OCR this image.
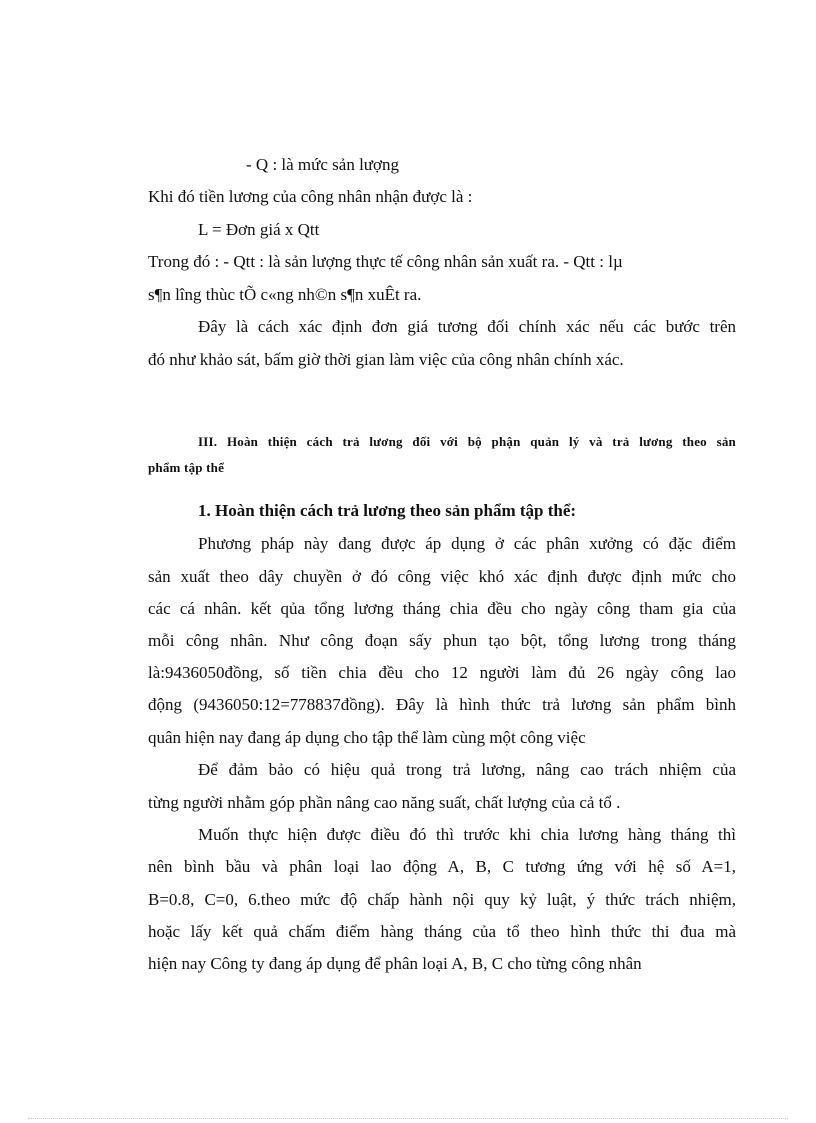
- Q : là mức sản lượng
Khi đó tiền lương của công nhân nhận được là :
L = Đơn giá x Qtt
Trong đó : - Qtt : là sản lượng thực tế công nhân sản xuất ra. - Qtt : lµ
s¶n lîng thùc tÕ c«ng nh©n s¶n xuÊt ra.
Đây là cách xác định đơn giá tương đối chính xác nếu các bước trên
đó như khảo sát, bấm giờ thời gian làm việc của công nhân chính xác.
III. Hoàn thiện cách trả lương đối với bộ phận quản lý và trả lương theo sản
phẩm tập thể
1. Hoàn thiện cách trả lương theo sản phẩm tập thể:
Phương pháp này đang được áp dụng ở các phân xưởng có đặc điểm
sản xuất theo dây chuyền ở đó công việc khó xác định được định mức cho
các cá nhân. kết qủa tổng lương tháng chia đều cho ngày công tham gia của
mỗi công nhân. Như công đoạn sấy phun tạo bột, tổng lương trong tháng
là:9436050đồng, số tiền chia đều cho 12 người làm đủ 26 ngày công lao
động (9436050:12=778837đồng). Đây là hình thức trả lương sản phẩm bình
quân hiện nay đang áp dụng cho tập thể làm cùng một công việc
Để đảm bảo có hiệu quả trong trả lương, nâng cao trách nhiệm của
từng người nhằm góp phần nâng cao năng suất, chất lượng của cả tổ .
Muốn thực hiện được điều đó thì trước khi chia lương hàng tháng thì
nên bình bầu và phân loại lao động A, B, C tương ứng với hệ số A=1,
B=0.8, C=0, 6.theo mức độ chấp hành nội quy kỷ luật, ý thức trách nhiệm,
hoặc lấy kết quả chấm điểm hàng tháng của tổ theo hình thức thi đua mà
hiện nay Công ty đang áp dụng để phân loại A, B, C cho từng công nhân
